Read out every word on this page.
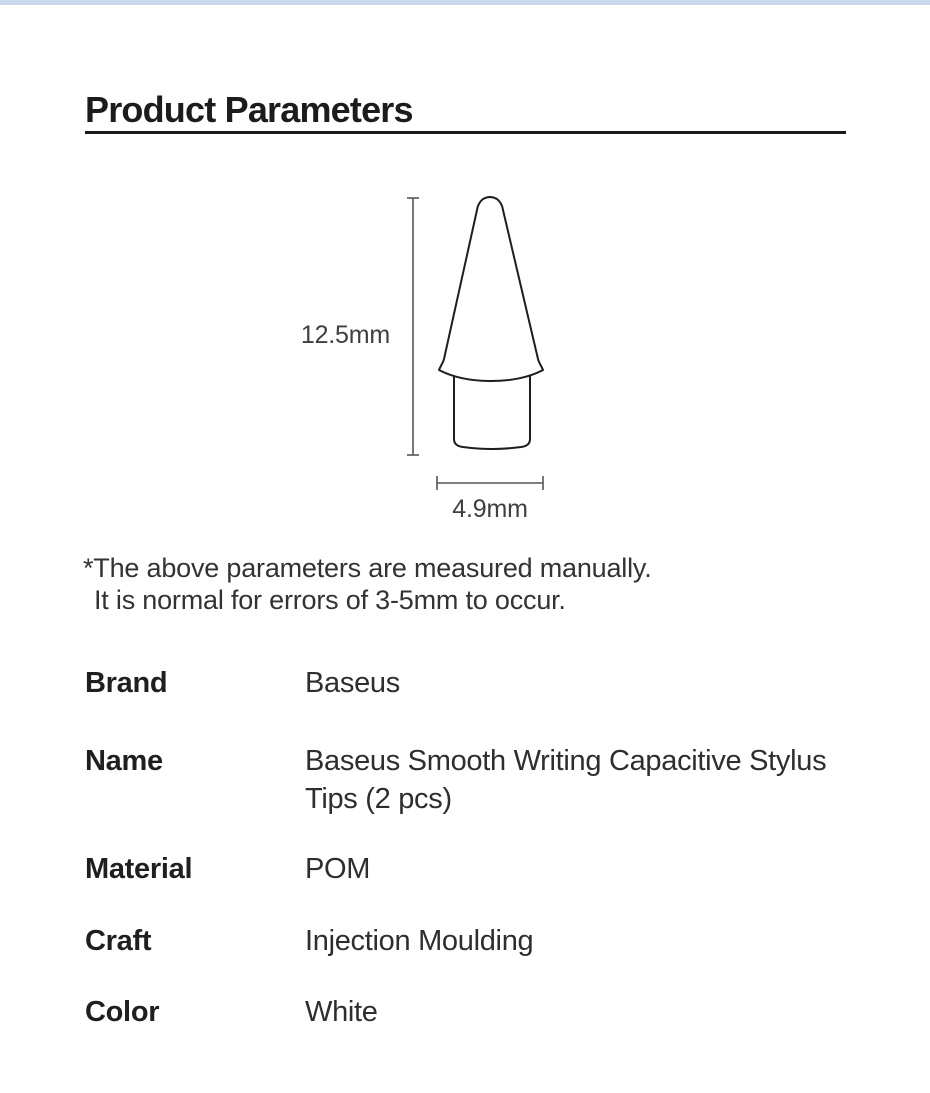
Product Parameters
12.5mm
4.9mm
*The above parameters are measured manually.
It is normal for errors of 3-5mm to occur.
Brand	Baseus
Name	Baseus Smooth Writing Capacitive Stylus Tips (2 pcs)
Material	POM
Craft	Injection Moulding
Color	White
